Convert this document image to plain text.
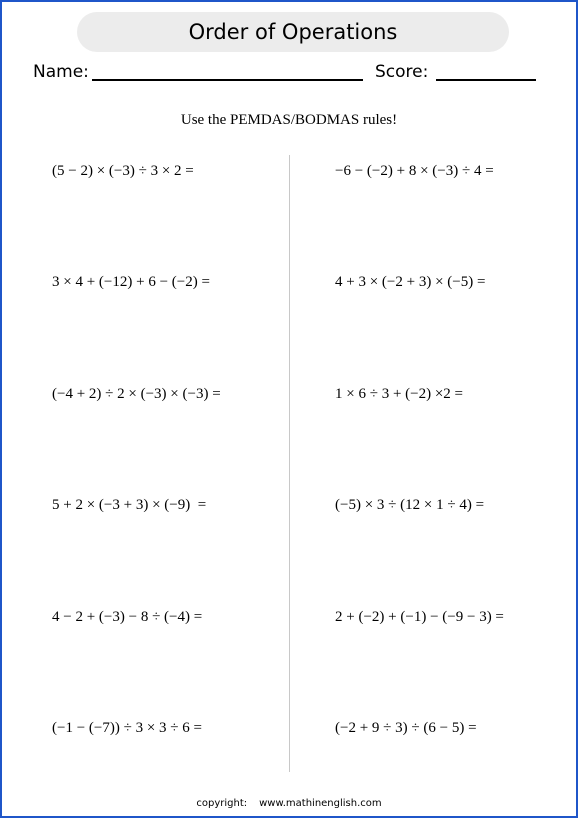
Order of Operations
Name:	Score:
Use the PEMDAS/BODMAS rules!
(5 − 2) × (−3) ÷ 3 × 2 =
3 × 4 + (−12) + 6 − (−2) =
(−4 + 2) ÷ 2 × (−3) × (−3) =
5 + 2 × (−3 + 3) × (−9)  =
4 − 2 + (−3) − 8 ÷ (−4) =
(−1 − (−7)) ÷ 3 × 3 ÷ 6 =
−6 − (−2) + 8 × (−3) ÷ 4 =
4 + 3 × (−2 + 3) × (−5) =
1 × 6 ÷ 3 + (−2) ×2 =
(−5) × 3 ÷ (12 × 1 ÷ 4) =
2 + (−2) + (−1) − (−9 − 3) =
(−2 + 9 ÷ 3) ÷ (6 − 5) =
copyright: www.mathinenglish.com
